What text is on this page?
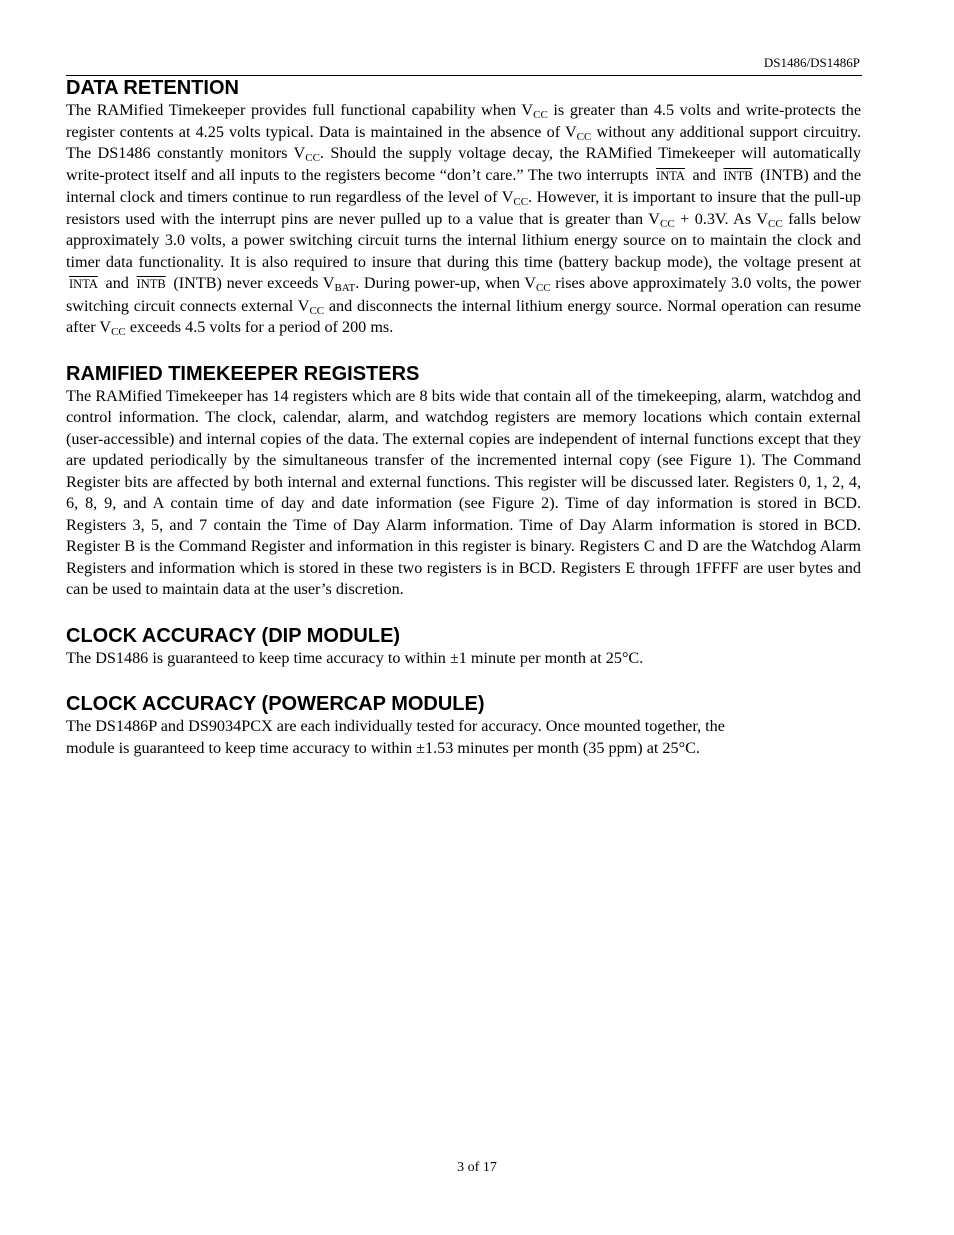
DS1486/DS1486P
DATA RETENTION

The RAMified Timekeeper provides full functional capability when $V_{CC}$ is greater than 4.5 volts and write-protects the register contents at 4.25 volts typical. Data is maintained in the absence of $V_{CC}$ without any additional support circuitry. The DS1486 constantly monitors $V_{CC}$. Should the supply voltage decay, the RAMified Timekeeper will automatically write-protect itself and all inputs to the registers become “don’t care.” The two interrupts INTA and INTB (INTB) and the internal clock and timers continue to run regardless of the level of $V_{CC}$. However, it is important to insure that the pull-up resistors used with the interrupt pins are never pulled up to a value that is greater than $V_{CC} + 0.3V$. As $V_{CC}$ falls below approximately 3.0 volts, a power switching circuit turns the internal lithium energy source on to maintain the clock and timer data functionality. It is also required to insure that during this time (battery backup mode), the voltage present at INTA and INTB (INTB) never exceeds $V_{BAT}$. During power-up, when $V_{CC}$ rises above approximately 3.0 volts, the power switching circuit connects external $V_{CC}$ and disconnects the internal lithium energy source. Normal operation can resume after $V_{CC}$ exceeds 4.5 volts for a period of 200 ms.

RAMIFIED TIMEKEEPER REGISTERS

The RAMified Timekeeper has 14 registers which are 8 bits wide that contain all of the timekeeping, alarm, watchdog and control information. The clock, calendar, alarm, and watchdog registers are memory locations which contain external (user-accessible) and internal copies of the data. The external copies are independent of internal functions except that they are updated periodically by the simultaneous transfer of the incremented internal copy (see Figure 1). The Command Register bits are affected by both internal and external functions. This register will be discussed later. Registers 0, 1, 2, 4, 6, 8, 9, and A contain time of day and date information (see Figure 2). Time of day information is stored in BCD. Registers 3, 5, and 7 contain the Time of Day Alarm information. Time of Day Alarm information is stored in BCD. Register B is the Command Register and information in this register is binary. Registers C and D are the Watchdog Alarm Registers and information which is stored in these two registers is in BCD. Registers E through 1FFFF are user bytes and can be used to maintain data at the user’s discretion.

CLOCK ACCURACY (DIP MODULE)

The DS1486 is guaranteed to keep time accuracy to within ±1 minute per month at 25°C.

CLOCK ACCURACY (POWERCAP MODULE)

The DS1486P and DS9034PCX are each individually tested for accuracy. Once mounted together, the
module is guaranteed to keep time accuracy to within ±1.53 minutes per month (35 ppm) at 25°C.

3 of 17
